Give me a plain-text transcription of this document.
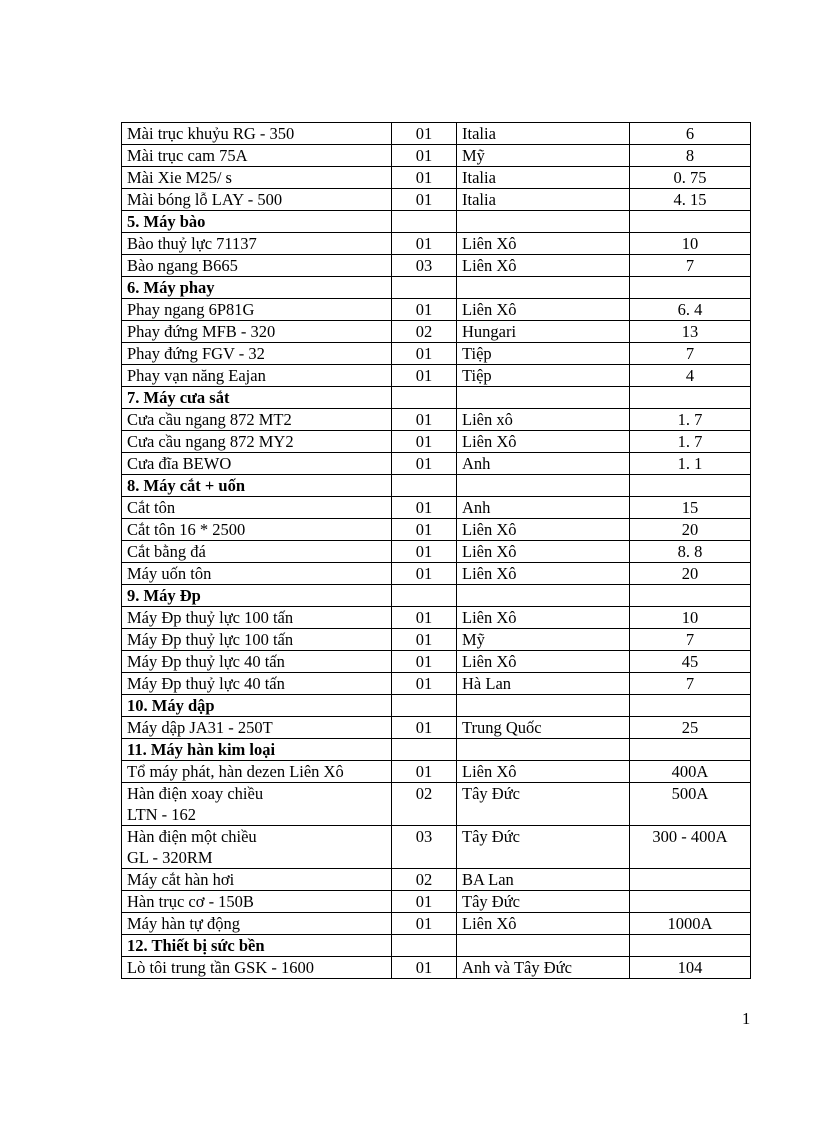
Mài trục khuỷu RG - 350	01	Italia	6
Mài trục cam 75A	01	Mỹ	8
Mài Xie M25/ s	01	Italia	0. 75
Mài bóng lỗ LAY - 500	01	Italia	4. 15
5. Máy bào			
Bào thuỷ lực 71137	01	Liên Xô	10
Bào ngang B665	03	Liên Xô	7
6. Máy phay			
Phay ngang 6P81G	01	Liên Xô	6. 4
Phay đứng MFB - 320	02	Hungari	13
Phay đứng FGV - 32	01	Tiệp	7
Phay vạn năng Eajan	01	Tiệp	4
7. Máy cưa sắt			
Cưa cầu ngang 872 MT2	01	Liên xô	1. 7
Cưa cầu ngang 872 MY2	01	Liên Xô	1. 7
Cưa đĩa BEWO	01	Anh	1. 1
8. Máy cắt + uốn			
Cắt tôn	01	Anh	15
Cắt tôn 16 * 2500	01	Liên Xô	20
Cắt bằng đá	01	Liên Xô	8. 8
Máy uốn tôn	01	Liên Xô	20
9. Máy Đp			
Máy Đp thuỷ lực 100 tấn	01	Liên Xô	10
Máy Đp thuỷ lực 100 tấn	01	Mỹ	7
Máy Đp thuỷ lực 40 tấn	01	Liên Xô	45
Máy Đp thuỷ lực 40 tấn	01	Hà Lan	7
10. Máy dập			
Máy dập JA31 - 250T	01	Trung Quốc	25
11. Máy hàn kim loại			
Tổ máy phát, hàn dezen Liên Xô	01	Liên Xô	400A
Hàn điện xoay chiều
LTN - 162	02	Tây Đức	500A
Hàn điện một chiều
GL - 320RM	03	Tây Đức	300 - 400A
Máy cắt hàn hơi	02	BA Lan	
Hàn trục cơ - 150B	01	Tây Đức	
Máy hàn tự động	01	Liên Xô	1000A
12. Thiết bị sức bền			
Lò tôi trung tần GSK - 1600	01	Anh và Tây Đức	104
1
